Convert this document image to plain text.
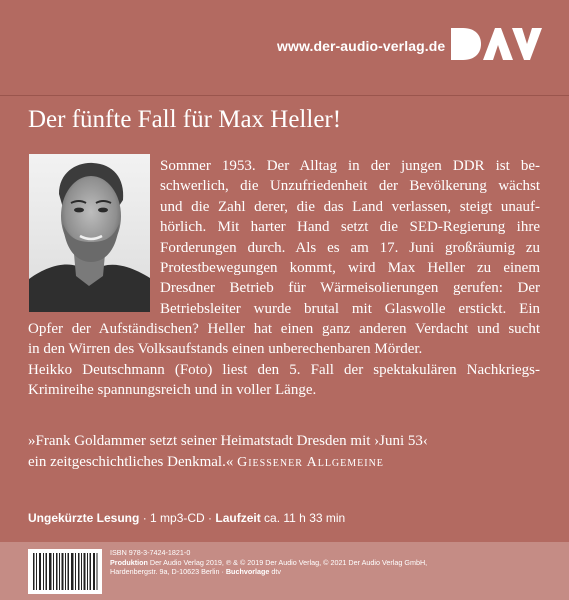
www.der-audio-verlag.de
Der fünfte Fall für Max Heller!
Sommer 1953. Der Alltag in der jungen DDR ist be-
schwerlich, die Unzufriedenheit der Bevölkerung wächst
und die Zahl derer, die das Land verlassen, steigt unauf-
hörlich. Mit harter Hand setzt die SED-Regierung ihre
Forderungen durch. Als es am 17. Juni großräumig zu
Protestbewegungen kommt, wird Max Heller zu einem
Dresdner Betrieb für Wärmeisolierungen gerufen: Der
Betriebsleiter wurde brutal mit Glaswolle erstickt. Ein
Opfer der Aufständischen? Heller hat einen ganz anderen Verdacht und sucht
in den Wirren des Volksaufstands einen unberechenbaren Mörder.
Heikko Deutschmann (Foto) liest den 5. Fall der spektakulären Nachkriegs-
Krimireihe spannungsreich und in voller Länge.
»Frank Goldammer setzt seiner Heimatstadt Dresden mit ›Juni 53‹
ein zeitgeschichtliches Denkmal.« Giessener Allgemeine
Ungekürzte Lesung · 1 mp3-CD · Laufzeit ca. 11 h 33 min
ISBN 978-3-7424-1821-0
Produktion Der Audio Verlag 2019, ℗ & © 2019 Der Audio Verlag, © 2021 Der Audio Verlag GmbH,
Hardenbergstr. 9a, D-10623 Berlin · Buchvorlage dtv
